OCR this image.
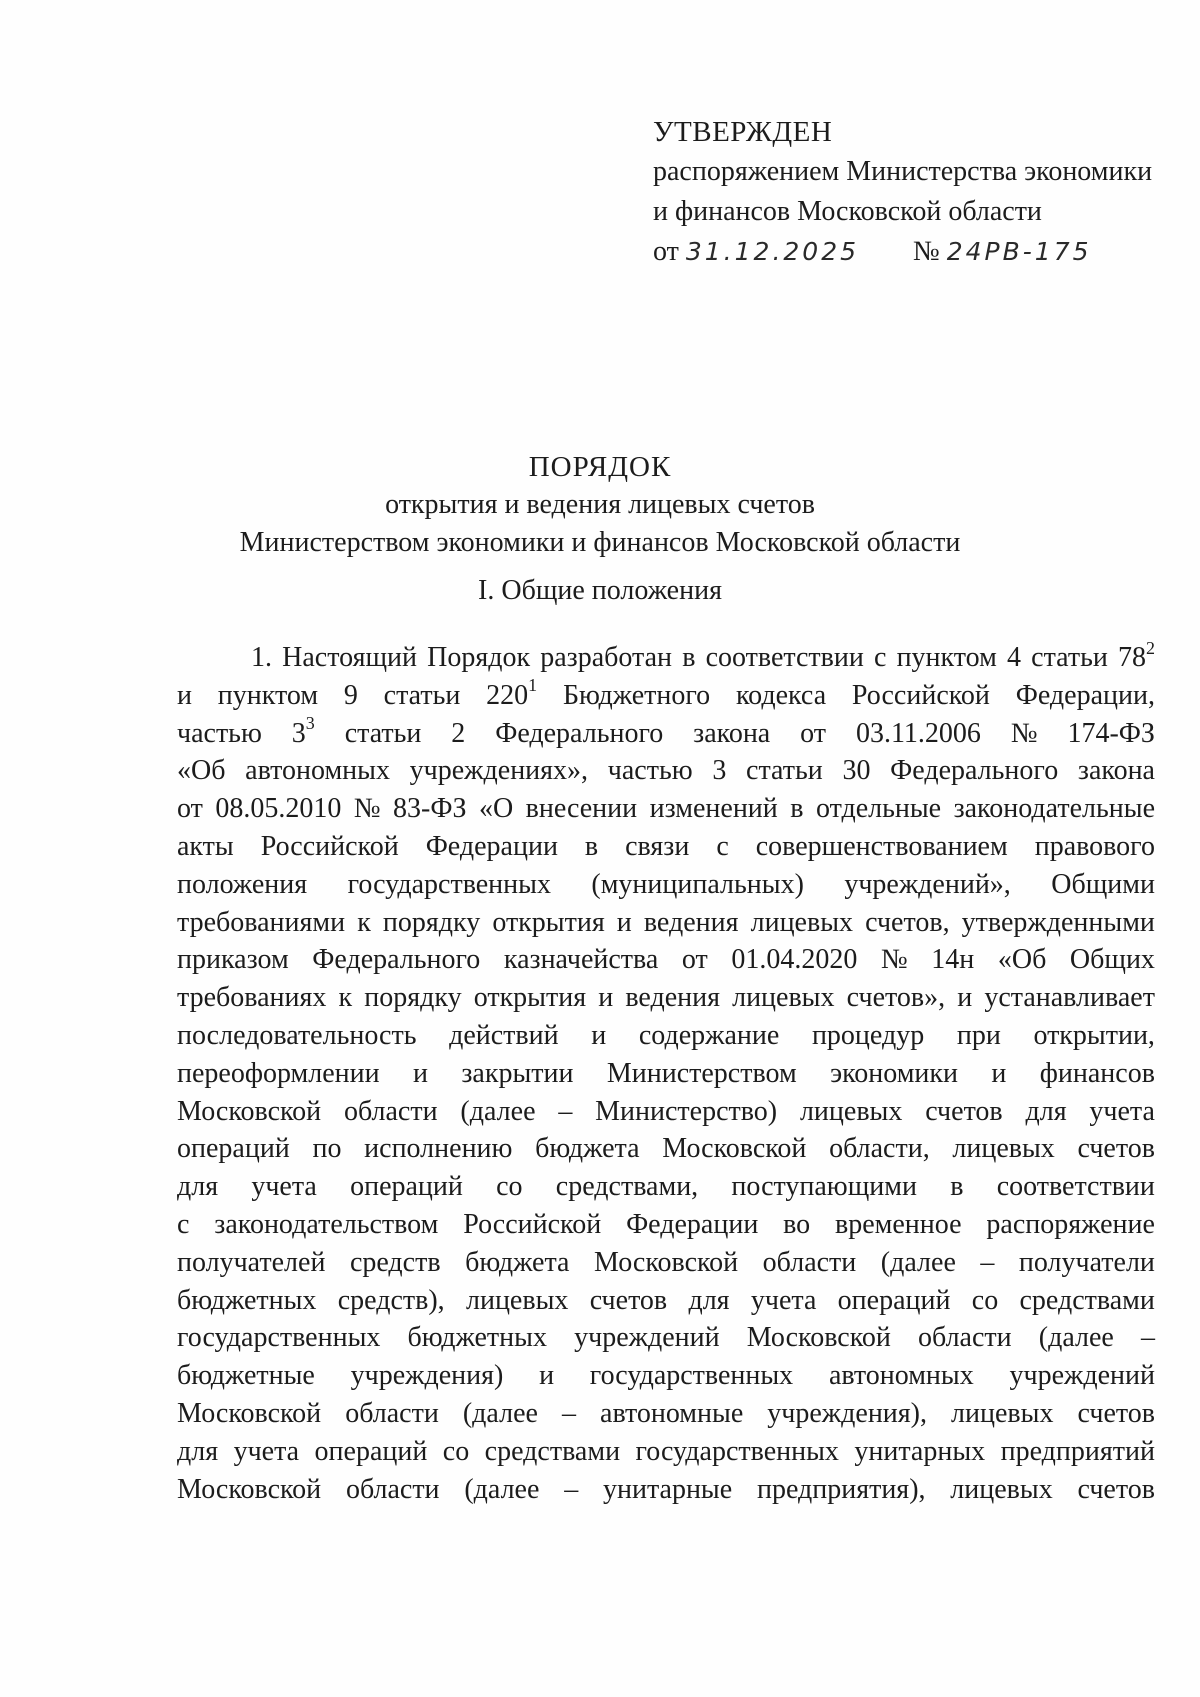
УТВЕРЖДЕН
распоряжением Министерства экономики
и финансов Московской области
от 31.12.2025 № 24РВ-175
ПОРЯДОК
открытия и ведения лицевых счетов
Министерством экономики и финансов Московской области
I. Общие положения
1. Настоящий Порядок разработан в соответствии с пунктом 4 статьи $78^2$
и пунктом 9 статьи $220^1$ Бюджетного кодекса Российской Федерации,
частью $3^3$ статьи 2 Федерального закона от 03.11.2006 № 174-ФЗ
«Об автономных учреждениях», частью 3 статьи 30 Федерального закона
от 08.05.2010 № 83-ФЗ «О внесении изменений в отдельные законодательные
акты Российской Федерации в связи с совершенствованием правового
положения государственных (муниципальных) учреждений», Общими
требованиями к порядку открытия и ведения лицевых счетов, утвержденными
приказом Федерального казначейства от 01.04.2020 № 14н «Об Общих
требованиях к порядку открытия и ведения лицевых счетов», и устанавливает
последовательность действий и содержание процедур при открытии,
переоформлении и закрытии Министерством экономики и финансов
Московской области (далее – Министерство) лицевых счетов для учета
операций по исполнению бюджета Московской области, лицевых счетов
для учета операций со средствами, поступающими в соответствии
с законодательством Российской Федерации во временное распоряжение
получателей средств бюджета Московской области (далее – получатели
бюджетных средств), лицевых счетов для учета операций со средствами
государственных бюджетных учреждений Московской области (далее –
бюджетные учреждения) и государственных автономных учреждений
Московской области (далее – автономные учреждения), лицевых счетов
для учета операций со средствами государственных унитарных предприятий
Московской области (далее – унитарные предприятия), лицевых счетов
